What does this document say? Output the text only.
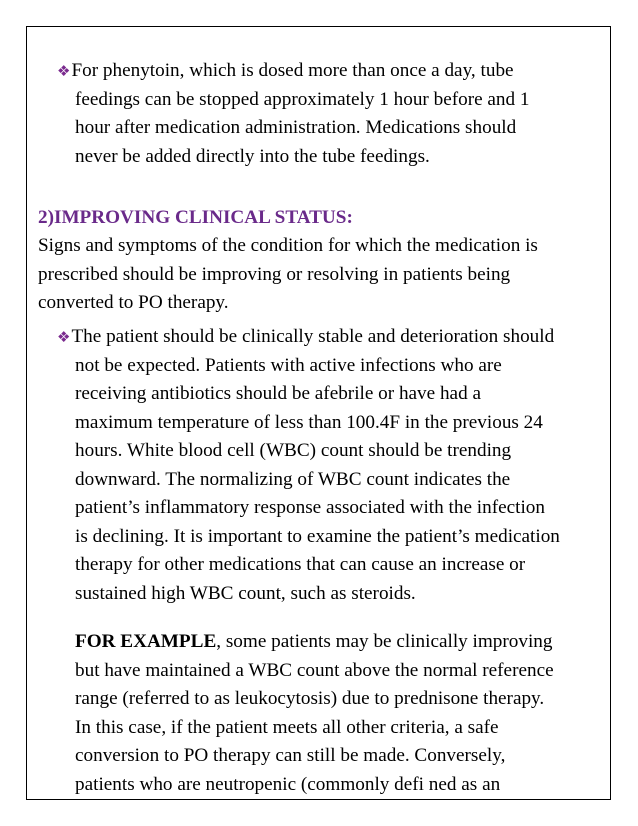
❖For phenytoin, which is dosed more than once a day, tube
feedings can be stopped approximately 1 hour before and 1
hour after medication administration. Medications should
never be added directly into the tube feedings.
2)IMPROVING CLINICAL STATUS:
Signs and symptoms of the condition for which the medication is
prescribed should be improving or resolving in patients being
converted to PO therapy.
❖The patient should be clinically stable and deterioration should
not be expected. Patients with active infections who are
receiving antibiotics should be afebrile or have had a
maximum temperature of less than 100.4F in the previous 24
hours. White blood cell (WBC) count should be trending
downward. The normalizing of WBC count indicates the
patient’s inflammatory response associated with the infection
is declining. It is important to examine the patient’s medication
therapy for other medications that can cause an increase or
sustained high WBC count, such as steroids.
FOR EXAMPLE, some patients may be clinically improving
but have maintained a WBC count above the normal reference
range (referred to as leukocytosis) due to prednisone therapy.
In this case, if the patient meets all other criteria, a safe
conversion to PO therapy can still be made. Conversely,
patients who are neutropenic (commonly defi ned as an
